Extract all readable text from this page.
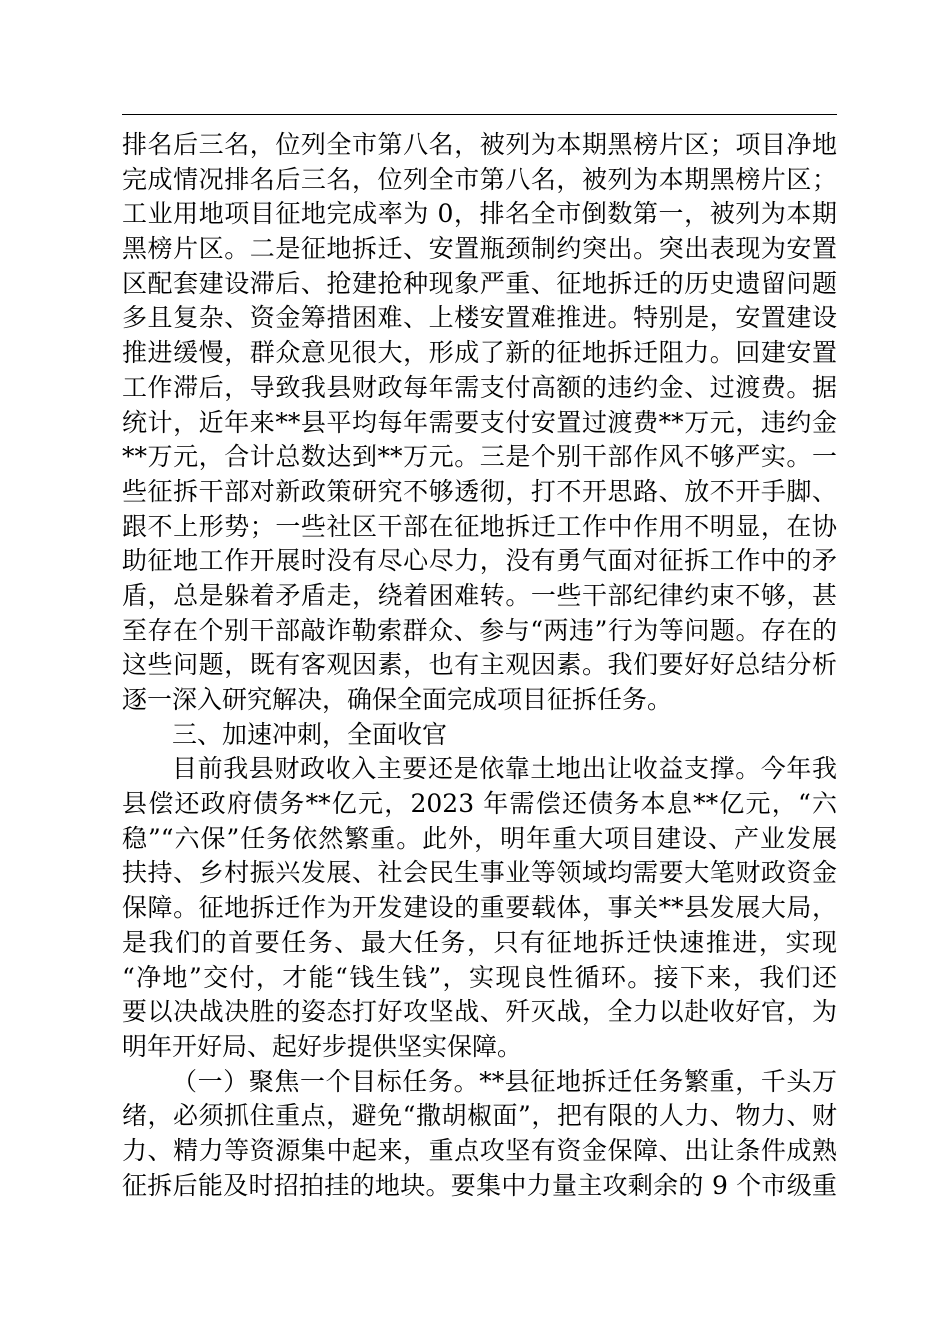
排名后三名，位列全市第八名，被列为本期黑榜片区；项目净地
完成情况排名后三名，位列全市第八名，被列为本期黑榜片区；
工业用地项目征地完成率为 0，排名全市倒数第一，被列为本期
黑榜片区。二是征地拆迁、安置瓶颈制约突出。突出表现为安置
区配套建设滞后、抢建抢种现象严重、征地拆迁的历史遗留问题
多且复杂、资金筹措困难、上楼安置难推进。特别是，安置建设
推进缓慢，群众意见很大，形成了新的征地拆迁阻力。回建安置
工作滞后，导致我县财政每年需支付高额的违约金、过渡费。据
统计，近年来**县平均每年需要支付安置过渡费**万元，违约金
**万元，合计总数达到**万元。三是个别干部作风不够严实。一
些征拆干部对新政策研究不够透彻，打不开思路、放不开手脚、
跟不上形势；一些社区干部在征地拆迁工作中作用不明显，在协
助征地工作开展时没有尽心尽力，没有勇气面对征拆工作中的矛
盾，总是躲着矛盾走，绕着困难转。一些干部纪律约束不够，甚
至存在个别干部敲诈勒索群众、参与“两违”行为等问题。存在的
这些问题，既有客观因素，也有主观因素。我们要好好总结分析
逐一深入研究解决，确保全面完成项目征拆任务。
三、加速冲刺，全面收官
目前我县财政收入主要还是依靠土地出让收益支撑。今年我
县偿还政府债务**亿元，2023 年需偿还债务本息**亿元，“六
稳”“六保”任务依然繁重。此外，明年重大项目建设、产业发展
扶持、乡村振兴发展、社会民生事业等领域均需要大笔财政资金
保障。征地拆迁作为开发建设的重要载体，事关**县发展大局，
是我们的首要任务、最大任务，只有征地拆迁快速推进，实现
“净地”交付，才能“钱生钱”，实现良性循环。接下来，我们还
要以决战决胜的姿态打好攻坚战、歼灭战，全力以赴收好官，为
明年开好局、起好步提供坚实保障。
（一）聚焦一个目标任务。**县征地拆迁任务繁重，千头万
绪，必须抓住重点，避免“撒胡椒面”，把有限的人力、物力、财
力、精力等资源集中起来，重点攻坚有资金保障、出让条件成熟
征拆后能及时招拍挂的地块。要集中力量主攻剩余的 9 个市级重
